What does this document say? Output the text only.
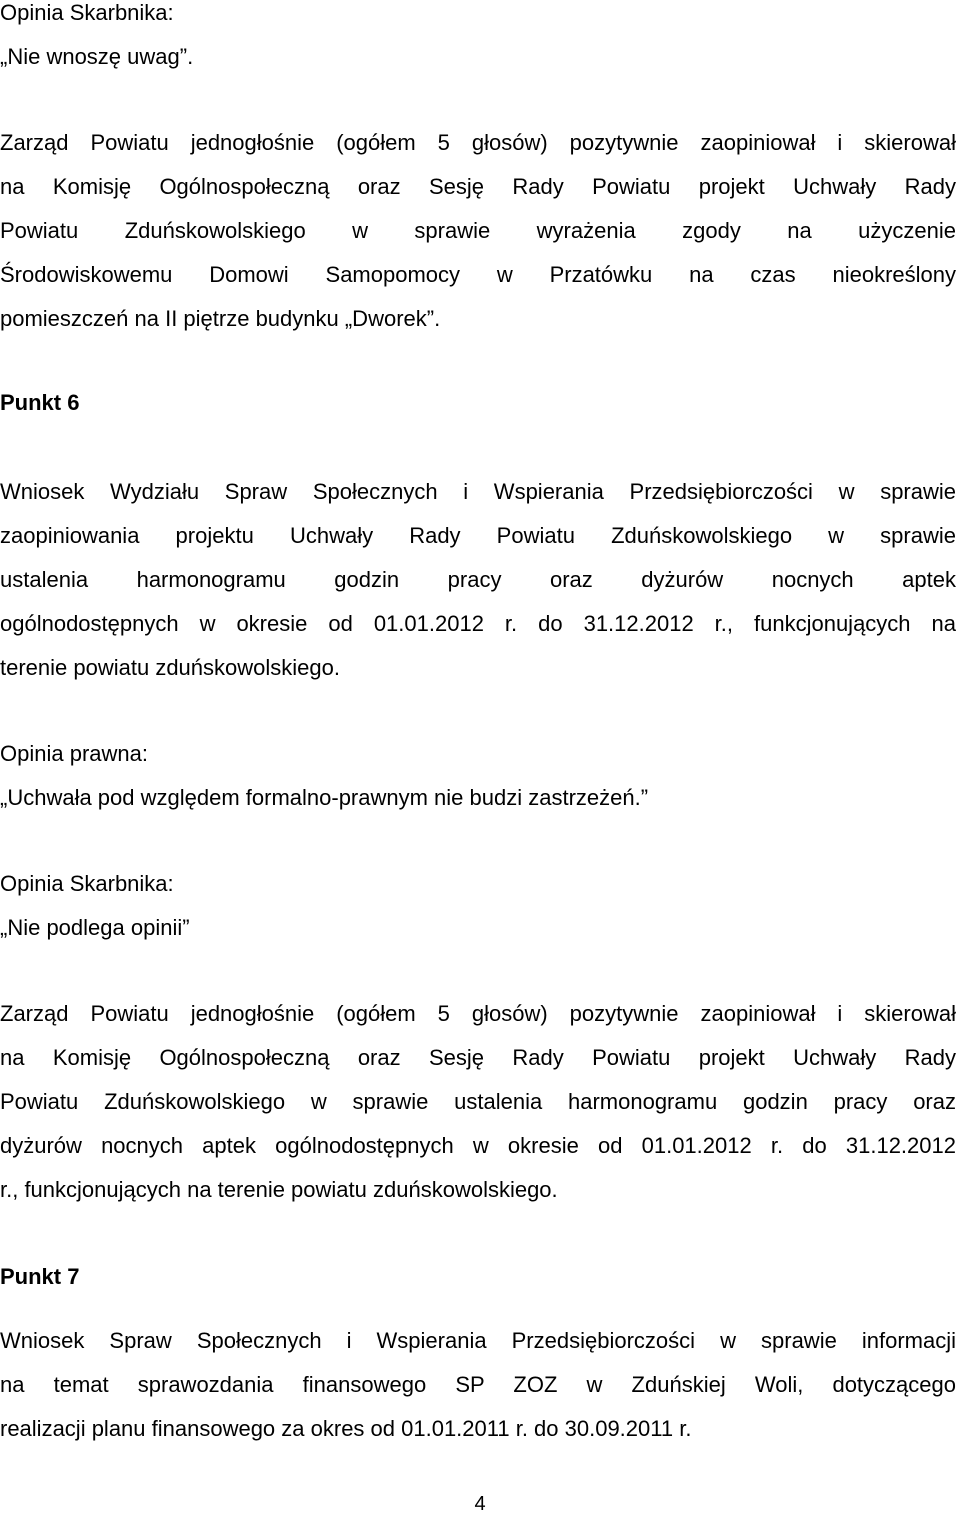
Opinia Skarbnika:
„Nie wnoszę uwag”.
Zarząd Powiatu jednogłośnie (ogółem 5 głosów) pozytywnie zaopiniował i skierował
na Komisję Ogólnospołeczną oraz Sesję Rady Powiatu projekt Uchwały Rady
Powiatu Zduńskowolskiego w sprawie wyrażenia zgody na użyczenie
Środowiskowemu Domowi Samopomocy w Przatówku na czas nieokreślony
pomieszczeń na II piętrze budynku „Dworek”.
Punkt 6
Wniosek Wydziału Spraw Społecznych i Wspierania Przedsiębiorczości w sprawie
zaopiniowania projektu Uchwały Rady Powiatu Zduńskowolskiego w sprawie
ustalenia harmonogramu godzin pracy oraz dyżurów nocnych aptek
ogólnodostępnych w okresie od 01.01.2012 r. do 31.12.2012 r., funkcjonujących na
terenie powiatu zduńskowolskiego.
Opinia prawna:
„Uchwała pod względem formalno-prawnym nie budzi zastrzeżeń.”
Opinia Skarbnika:
„Nie podlega opinii”
Zarząd Powiatu jednogłośnie (ogółem 5 głosów) pozytywnie zaopiniował i skierował
na Komisję Ogólnospołeczną oraz Sesję Rady Powiatu projekt Uchwały Rady
Powiatu Zduńskowolskiego w sprawie ustalenia harmonogramu godzin pracy oraz
dyżurów nocnych aptek ogólnodostępnych w okresie od 01.01.2012 r. do 31.12.2012
r., funkcjonujących na terenie powiatu zduńskowolskiego.
Punkt 7
Wniosek Spraw Społecznych i Wspierania Przedsiębiorczości w sprawie informacji
na temat sprawozdania finansowego SP ZOZ w Zduńskiej Woli, dotyczącego
realizacji planu finansowego za okres od 01.01.2011 r. do 30.09.2011 r.
4
